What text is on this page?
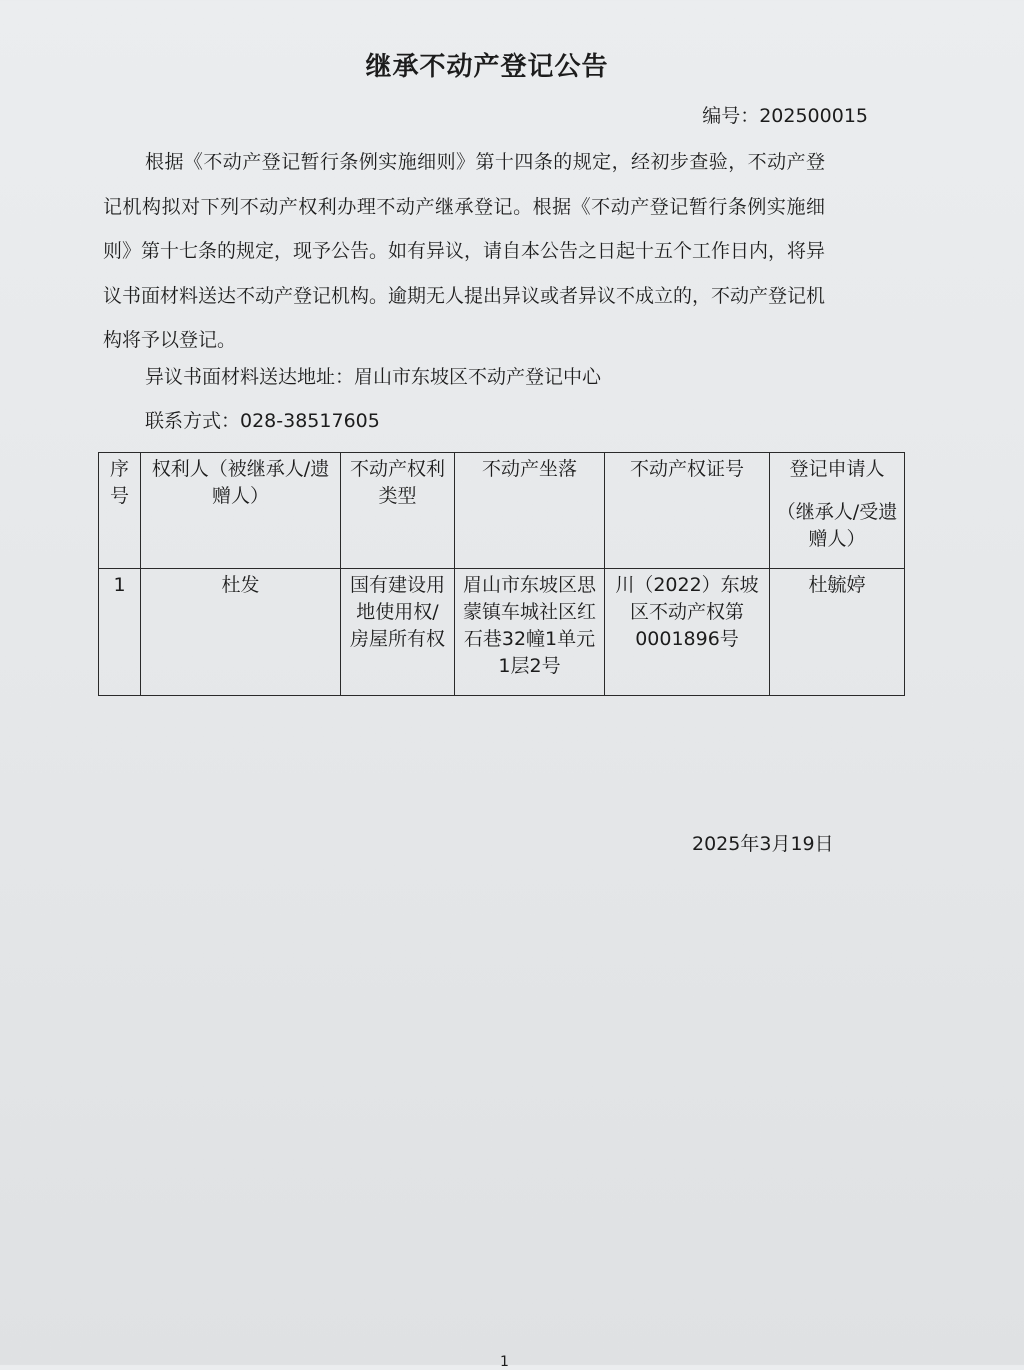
继承不动产登记公告
编号：202500015
根据《不动产登记暂行条例实施细则》第十四条的规定，经初步查验，不动产登记机构拟对下列不动产权利办理不动产继承登记。根据《不动产登记暂行条例实施细则》第十七条的规定，现予公告。如有异议，请自本公告之日起十五个工作日内，将异议书面材料送达不动产登记机构。逾期无人提出异议或者异议不成立的，不动产登记机构将予以登记。
异议书面材料送达地址：眉山市东坡区不动产登记中心
联系方式：028-38517605
序号	权利人（被继承人/遗赠人）	不动产权利类型	不动产坐落	不动产权证号	登记申请人
（继承人/受遗赠人）

1	杜发	国有建设用地使用权/房屋所有权	眉山市东坡区思蒙镇车城社区红石巷32幢1单元1层2号	川（2022）东坡区不动产权第0001896号	杜毓婷
2025年3月19日
1
